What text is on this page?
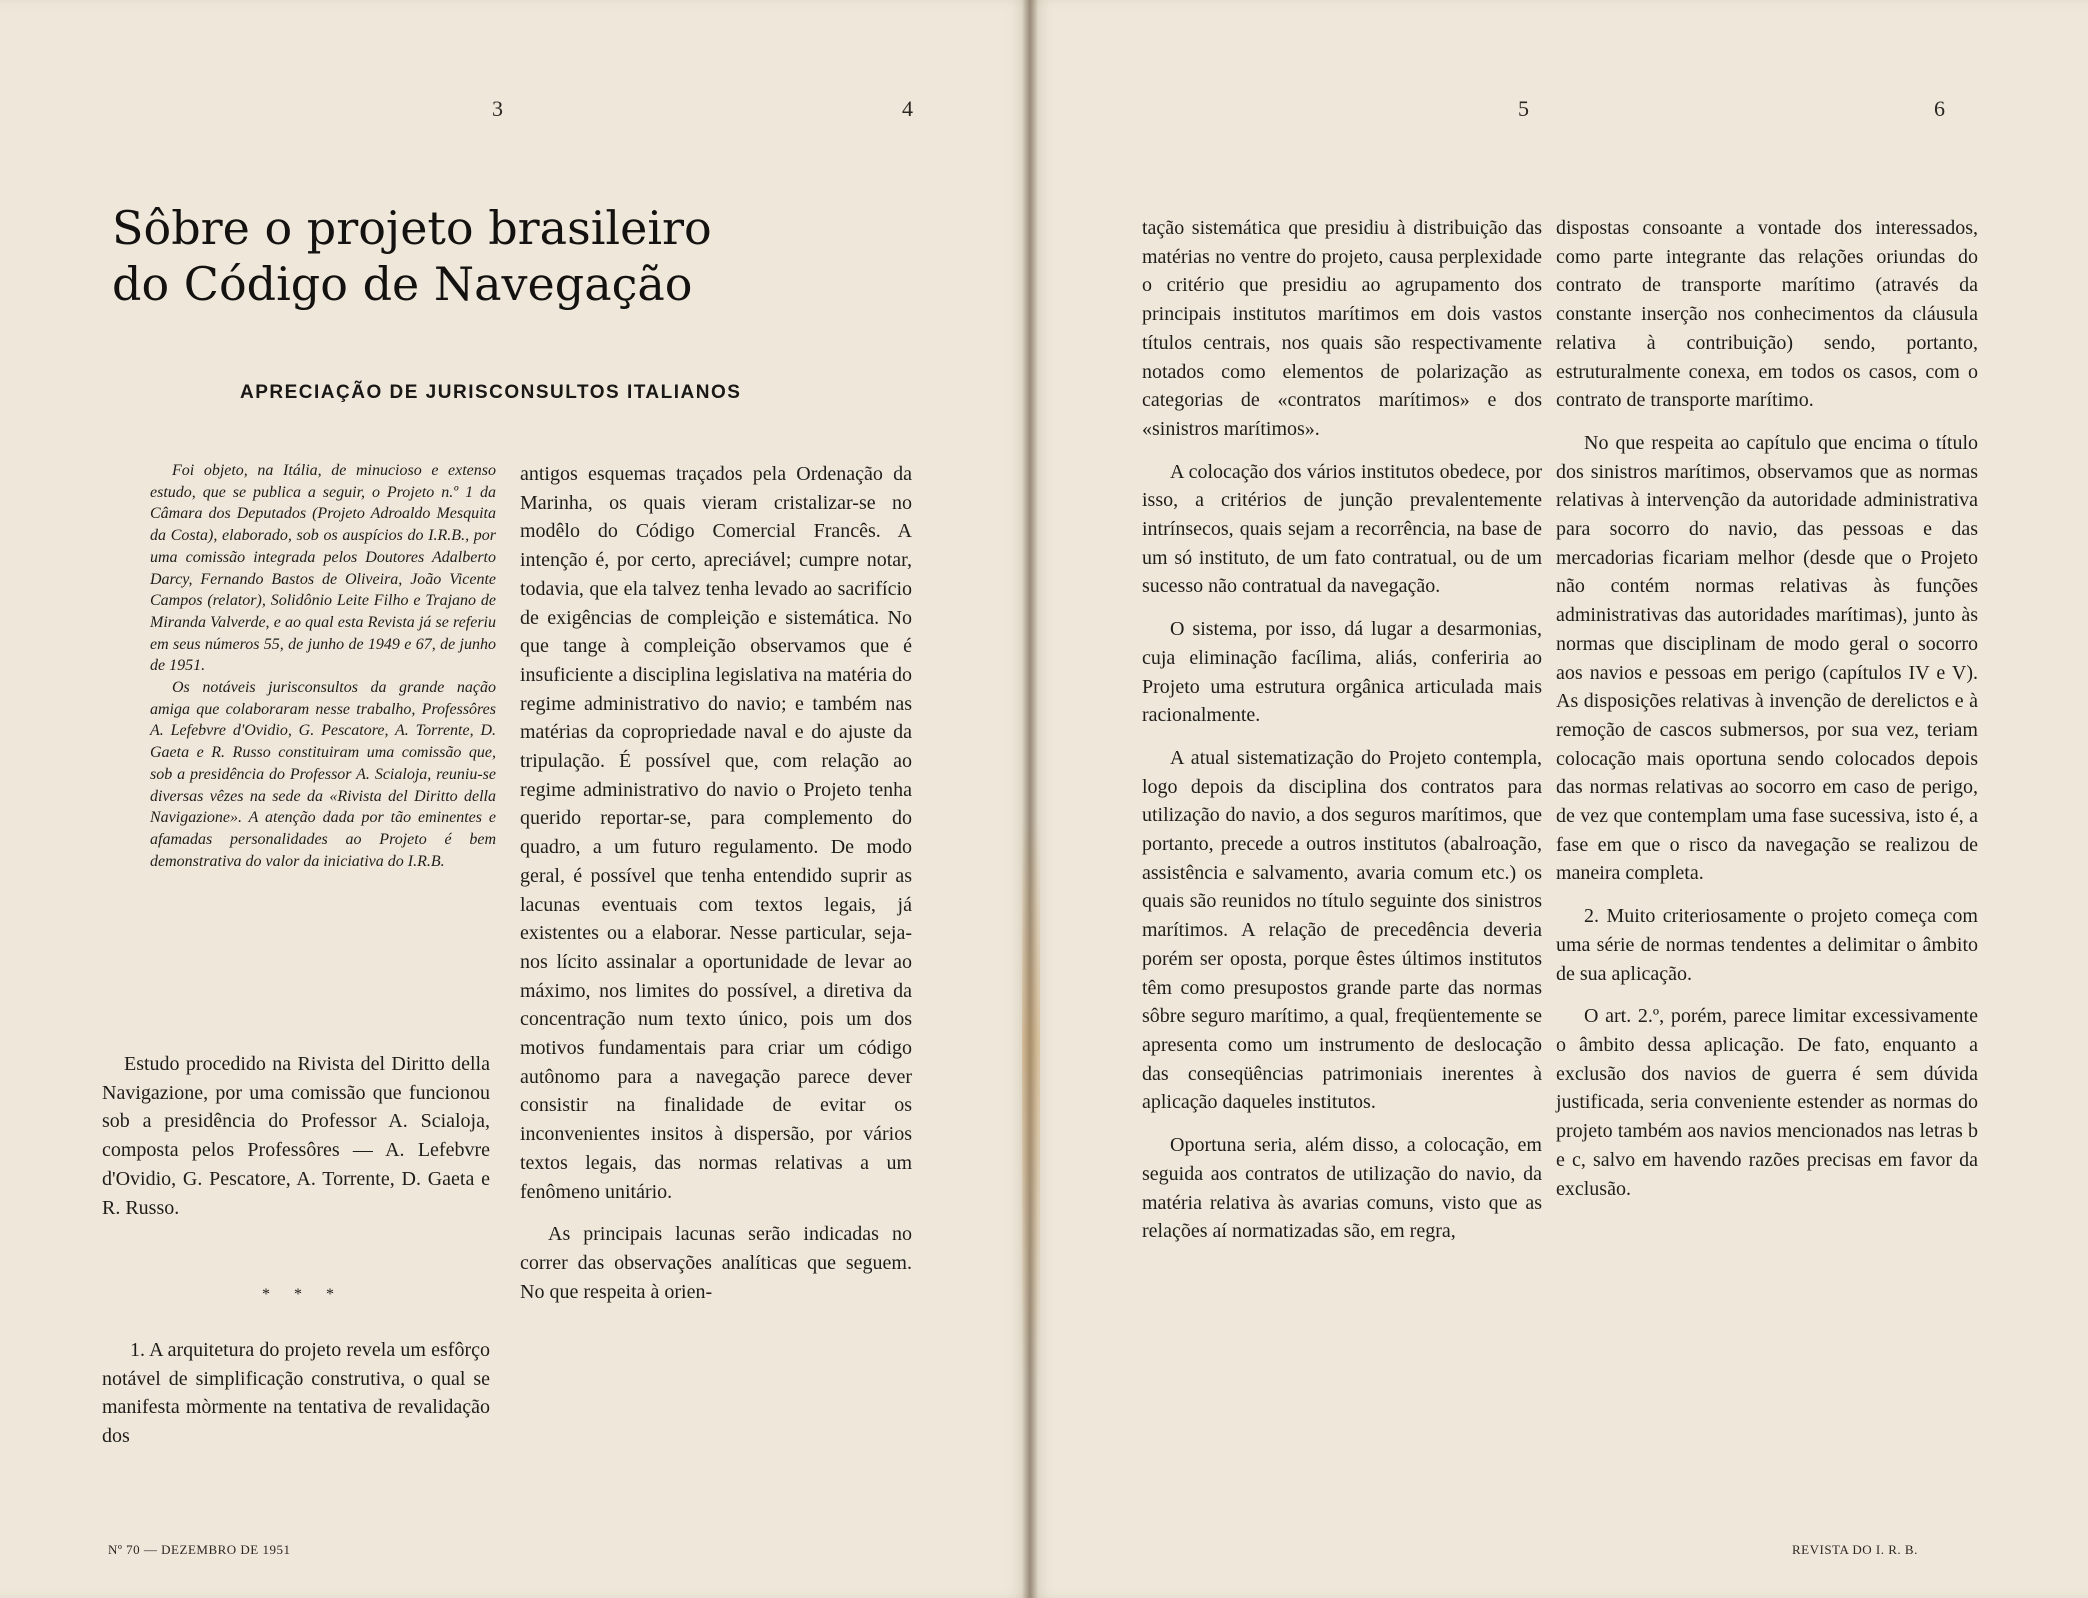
3	4
Sôbre o projeto brasileiro
do Código de Navegação
APRECIAÇÃO DE JURISCONSULTOS ITALIANOS

Foi objeto, na Itália, de minucioso e extenso estudo, que se publica a seguir, o Projeto n.º 1 da Câmara dos Deputados (Projeto Adroaldo Mesquita da Costa), elaborado, sob os auspícios do I.R.B., por uma comissão integrada pelos Doutores Adalberto Darcy, Fernando Bastos de Oliveira, João Vicente Campos (relator), Solidônio Leite Filho e Trajano de Miranda Valverde, e ao qual esta Revista já se referiu em seus números 55, de junho de 1949 e 67, de junho de 1951.

Os notáveis jurisconsultos da grande nação amiga que colaboraram nesse trabalho, Professôres A. Lefebvre d'Ovidio, G. Pescatore, A. Torrente, D. Gaeta e R. Russo constituiram uma comissão que, sob a presidência do Professor A. Scialoja, reuniu-se diversas vêzes na sede da «Rivista del Diritto della Navigazione». A atenção dada por tão eminentes e afamadas personalidades ao Projeto é bem demonstrativa do valor da iniciativa do I.R.B.

Estudo procedido na Rivista del Diritto della Navigazione, por uma comissão que funcionou sob a presidência do Professor A. Scialoja, composta pelos Professôres — A. Lefebvre d'Ovidio, G. Pescatore, A. Torrente, D. Gaeta e R. Russo.

* * *

1. A arquitetura do projeto revela um esfôrço notável de simplificação construtiva, o qual se manifesta mòrmente na tentativa de revalidação dos

antigos esquemas traçados pela Ordenação da Marinha, os quais vieram cristalizar-se no modêlo do Código Comercial Francês. A intenção é, por certo, apreciável; cumpre notar, todavia, que ela talvez tenha levado ao sacrifício de exigências de compleição e sistemática. No que tange à compleição observamos que é insuficiente a disciplina legislativa na matéria do regime administrativo do navio; e também nas matérias da copropriedade naval e do ajuste da tripulação. É possível que, com relação ao regime administrativo do navio o Projeto tenha querido reportar-se, para complemento do quadro, a um futuro regulamento. De modo geral, é possível que tenha entendido suprir as lacunas eventuais com textos legais, já existentes ou a elaborar. Nesse particular, seja-nos lícito assinalar a oportunidade de levar ao máximo, nos limites do possível, a diretiva da concentração num texto único, pois um dos motivos fundamentais para criar um código autônomo para a navegação parece dever consistir na finalidade de evitar os inconvenientes insitos à dispersão, por vários textos legais, das normas relativas a um fenômeno unitário.

As principais lacunas serão indicadas no correr das observações analíticas que seguem. No que respeita à orien-

Nº 70 — DEZEMBRO DE 1951
5	6

tação sistemática que presidiu à distribuição das matérias no ventre do projeto, causa perplexidade o critério que presidiu ao agrupamento dos principais institutos marítimos em dois vastos títulos centrais, nos quais são respectivamente notados como elementos de polarização as categorias de «contratos marítimos» e dos «sinistros marítimos».

A colocação dos vários institutos obedece, por isso, a critérios de junção prevalentemente intrínsecos, quais sejam a recorrência, na base de um só instituto, de um fato contratual, ou de um sucesso não contratual da navegação.

O sistema, por isso, dá lugar a desarmonias, cuja eliminação facílima, aliás, conferiria ao Projeto uma estrutura orgânica articulada mais racionalmente.

A atual sistematização do Projeto contempla, logo depois da disciplina dos contratos para utilização do navio, a dos seguros marítimos, que portanto, precede a outros institutos (abalroação, assistência e salvamento, avaria comum etc.) os quais são reunidos no título seguinte dos sinistros marítimos. A relação de precedência deveria porém ser oposta, porque êstes últimos institutos têm como presupostos grande parte das normas sôbre seguro marítimo, a qual, freqüentemente se apresenta como um instrumento de deslocação das conseqüências patrimoniais inerentes à aplicação daqueles institutos.

Oportuna seria, além disso, a colocação, em seguida aos contratos de utilização do navio, da matéria relativa às avarias comuns, visto que as relações aí normatizadas são, em regra,

dispostas consoante a vontade dos interessados, como parte integrante das relações oriundas do contrato de transporte marítimo (através da constante inserção nos conhecimentos da cláusula relativa à contribuição) sendo, portanto, estruturalmente conexa, em todos os casos, com o contrato de transporte marítimo.

No que respeita ao capítulo que encima o título dos sinistros marítimos, observamos que as normas relativas à intervenção da autoridade administrativa para socorro do navio, das pessoas e das mercadorias ficariam melhor (desde que o Projeto não contém normas relativas às funções administrativas das autoridades marítimas), junto às normas que disciplinam de modo geral o socorro aos navios e pessoas em perigo (capítulos IV e V). As disposições relativas à invenção de derelictos e à remoção de cascos submersos, por sua vez, teriam colocação mais oportuna sendo colocados depois das normas relativas ao socorro em caso de perigo, de vez que contemplam uma fase sucessiva, isto é, a fase em que o risco da navegação se realizou de maneira completa.

2. Muito criteriosamente o projeto começa com uma série de normas tendentes a delimitar o âmbito de sua aplicação.

O art. 2.º, porém, parece limitar excessivamente o âmbito dessa aplicação. De fato, enquanto a exclusão dos navios de guerra é sem dúvida justificada, seria conveniente estender as normas do projeto também aos navios mencionados nas letras b e c, salvo em havendo razões precisas em favor da exclusão.

REVISTA DO I. R. B.
